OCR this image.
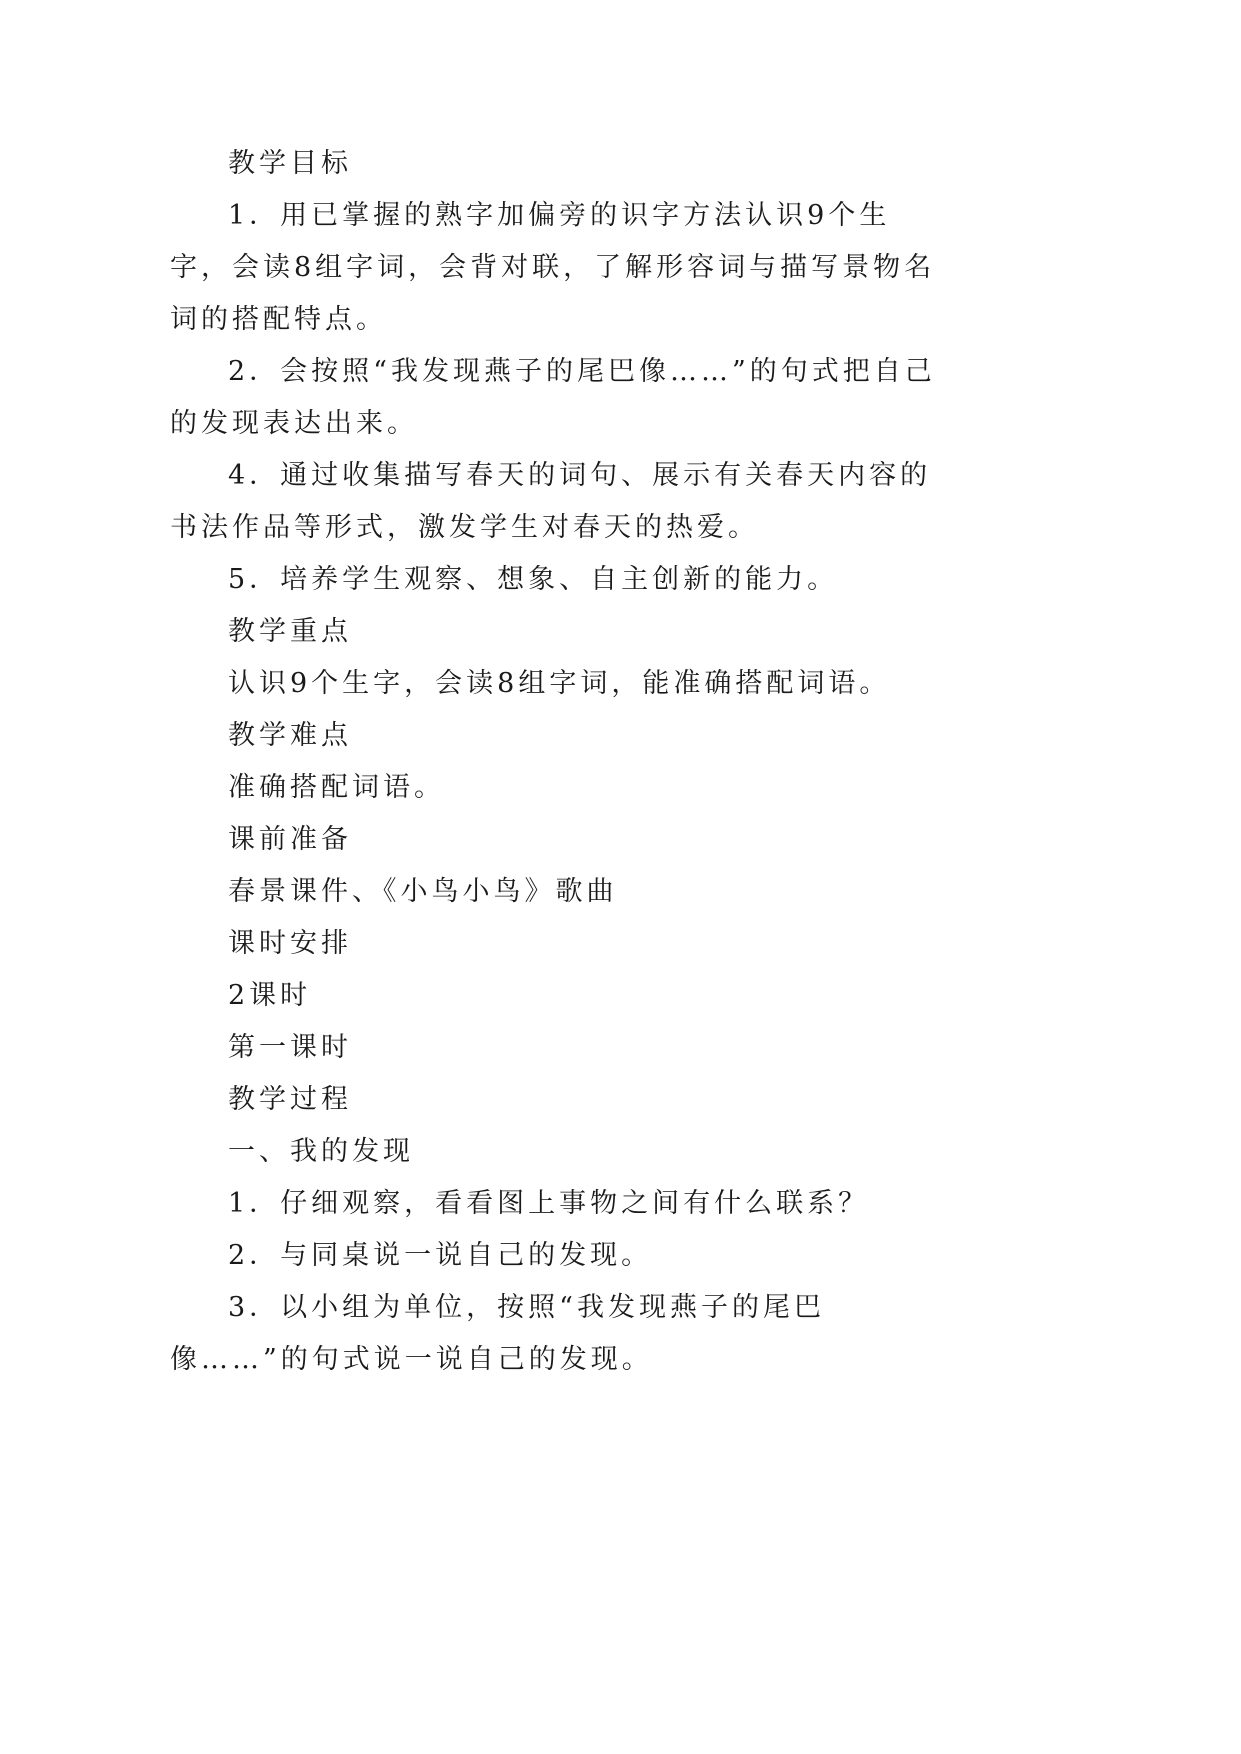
教学目标

1．用已掌握的熟字加偏旁的识字方法认识9个生字，会读8组字词，会背对联，了解形容词与描写景物名词的搭配特点。

2．会按照“我发现燕子的尾巴像……”的句式把自己的发现表达出来。

4．通过收集描写春天的词句、展示有关春天内容的书法作品等形式，激发学生对春天的热爱。

5．培养学生观察、想象、自主创新的能力。

教学重点

认识9个生字，会读8组字词，能准确搭配词语。

教学难点

准确搭配词语。

课前准备

春景课件、《小鸟小鸟》歌曲

课时安排

2课时

第一课时

教学过程

一、我的发现

1．仔细观察，看看图上事物之间有什么联系？

2．与同桌说一说自己的发现。

3．以小组为单位，按照“我发现燕子的尾巴像……”的句式说一说自己的发现。
